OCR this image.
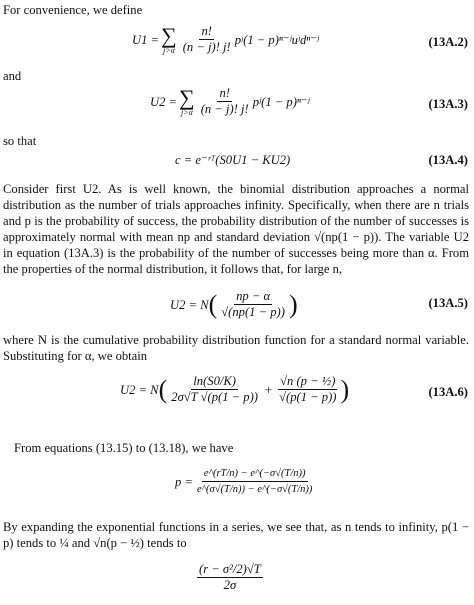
For convenience, we define

U1 = ∑
$j>\alpha \frac{n!}{(n - j)! j!}$ pʲ(1 − p)ⁿ⁻ʲuʲdⁿ⁻ʲ	(13A.2)

and

U2 = ∑
$j>\alpha \frac{n!}{(n - j)! j!}$ pʲ(1 − p)ⁿ⁻ʲ	(13A.3)

so that

c = e⁻ʳᵀ(S0U1 − KU2)	(13A.4)

Consider first U2. As is well known, the binomial distribution approaches a normal distribution as the number of trials approaches infinity. Specifically, when there are n trials and p is the probability of success, the probability distribution of the number of successes is approximately normal with mean np and standard deviation √(np(1 − p)). The variable U2 in equation (13A.3) is the probability of the number of successes being more than α. From the properties of the normal distribution, it follows that, for large n,

U2 = N ( $\frac{np - \alpha}{√(np(1 - p))}$ )	(13A.5)

where N is the cumulative probability distribution function for a standard normal variable. Substituting for α, we obtain

U2 = N ( $\frac{\ln(S0/K)}{2\sigma√T √(p(1 - p))} + \frac{\text{√n (p − ½)}}{√(p(1 - p))}$ )	(13A.6)

From equations (13.15) to (13.18), we have

$p = \frac{e\^{}(rT/n) - e\^{}(-\sigma√(T/n))}{e\^{}(\sigma√(T/n)) - e\^{}(-\sigma√(T/n))}$

By expanding the exponential functions in a series, we see that, as n tends to infinity, p(1 − p) tends to ¼ and √n(p − ½) tends to

$\frac{\text{(r − σ²/2)√T}}{2\sigma}$
